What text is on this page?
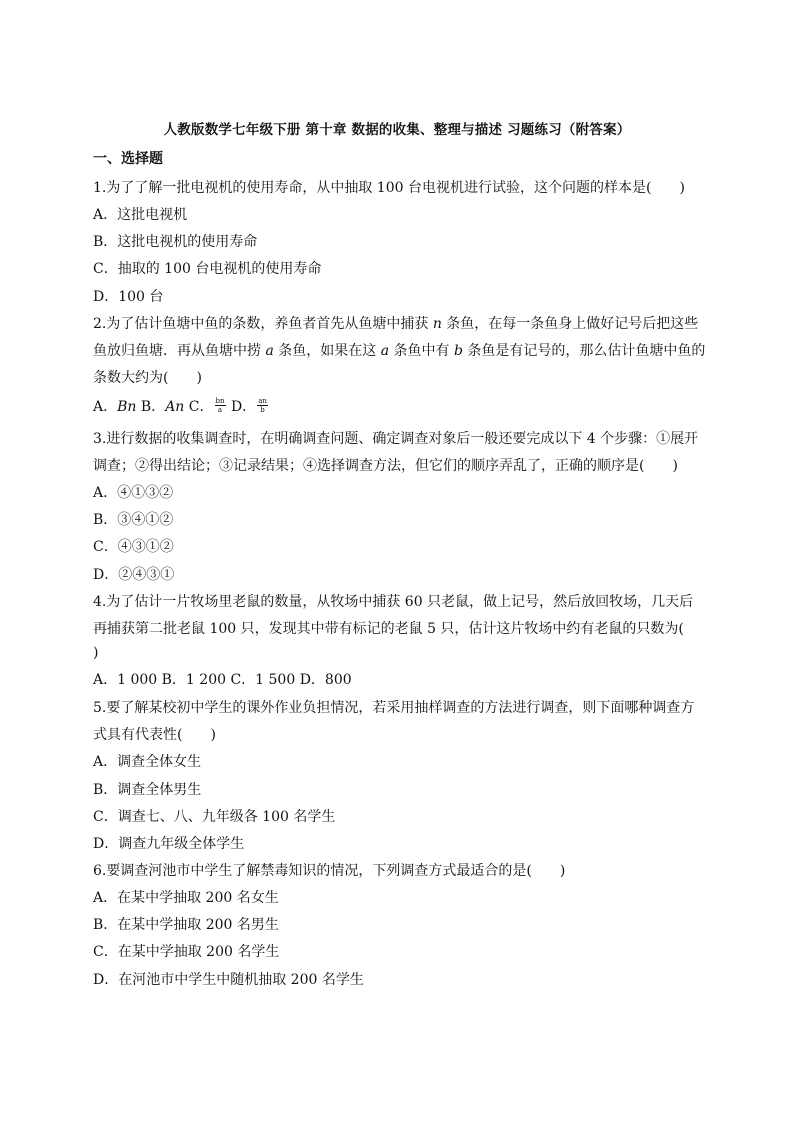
人教版数学七年级下册 第十章 数据的收集、整理与描述 习题练习（附答案）
一、选择题
1.为了了解一批电视机的使用寿命，从中抽取 100 台电视机进行试验，这个问题的样本是(　　)
A．这批电视机
B．这批电视机的使用寿命
C．抽取的 100 台电视机的使用寿命
D．100 台
2.为了估计鱼塘中鱼的条数，养鱼者首先从鱼塘中捕获 n 条鱼，在每一条鱼身上做好记号后把这些
鱼放归鱼塘．再从鱼塘中捞 a 条鱼，如果在这 a 条鱼中有 b 条鱼是有记号的，那么估计鱼塘中鱼的
条数大约为(　　)
A．Bn B．An C． $\frac{bn}{a}$ D． $\frac{an}{b}$
3.进行数据的收集调查时，在明确调查问题、确定调查对象后一般还要完成以下 4 个步骤：①展开
调查；②得出结论；③记录结果；④选择调查方法，但它们的顺序弄乱了，正确的顺序是(　　)
A．④①③②
B．③④①②
C．④③①②
D．②④③①
4.为了估计一片牧场里老鼠的数量，从牧场中捕获 60 只老鼠，做上记号，然后放回牧场，几天后
再捕获第二批老鼠 100 只，发现其中带有标记的老鼠 5 只，估计这片牧场中约有老鼠的只数为(
)
A．1 000 B．1 200 C．1 500 D．800
5.要了解某校初中学生的课外作业负担情况，若采用抽样调查的方法进行调查，则下面哪种调查方
式具有代表性(　　)
A．调查全体女生
B．调查全体男生
C．调查七、八、九年级各 100 名学生
D．调查九年级全体学生
6.要调查河池市中学生了解禁毒知识的情况，下列调查方式最适合的是(　　)
A．在某中学抽取 200 名女生
B．在某中学抽取 200 名男生
C．在某中学抽取 200 名学生
D．在河池市中学生中随机抽取 200 名学生
